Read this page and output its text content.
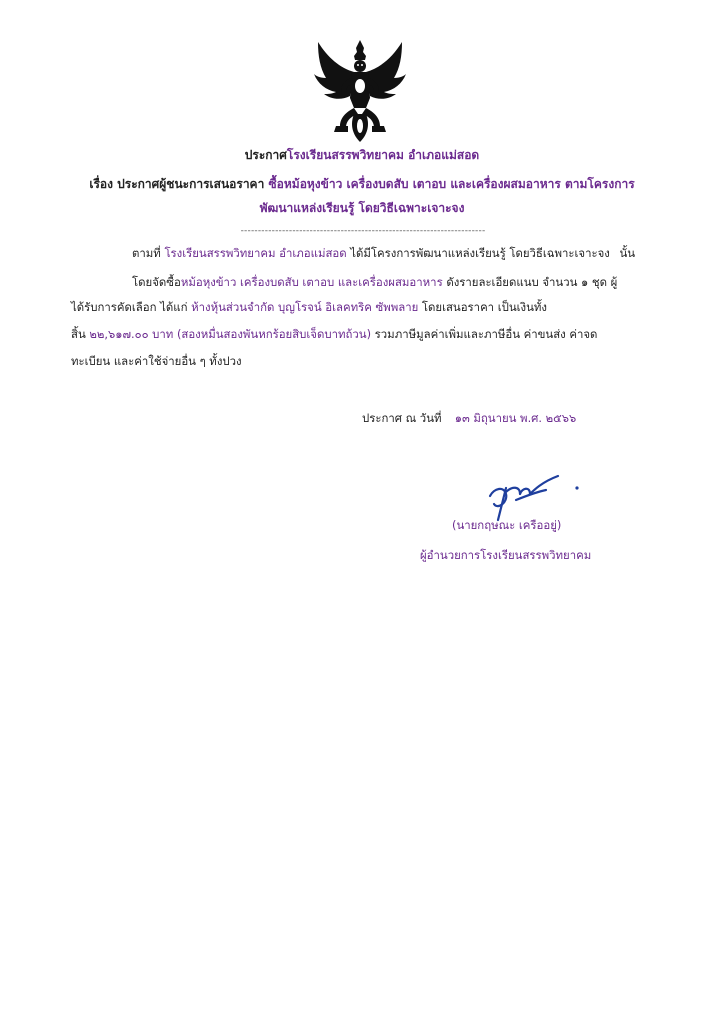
ประกาศโรงเรียนสรรพวิทยาคม อำเภอแม่สอด
เรื่อง ประกาศผู้ชนะการเสนอราคา ซื้อหม้อหุงข้าว เครื่องบดสับ เตาอบ และเครื่องผสมอาหาร ตามโครงการ
พัฒนาแหล่งเรียนรู้ โดยวิธีเฉพาะเจาะจง
-----------------------------------------------------------------------
ตามที่ โรงเรียนสรรพวิทยาคม อำเภอแม่สอด ได้มีโครงการพัฒนาแหล่งเรียนรู้ โดยวิธีเฉพาะเจาะจง นั้น
โดยจัดซื้อหม้อหุงข้าว เครื่องบดสับ เตาอบ และเครื่องผสมอาหาร ดังรายละเอียดแนบ จำนวน ๑ ชุด ผู้
ได้รับการคัดเลือก ได้แก่ ห้างหุ้นส่วนจำกัด บุญโรจน์ อิเลคทริค ซัพพลาย โดยเสนอราคา เป็นเงินทั้ง
สิ้น ๒๒,๖๑๗.๐๐ บาท (สองหมื่นสองพันหกร้อยสิบเจ็ดบาทถ้วน) รวมภาษีมูลค่าเพิ่มและภาษีอื่น ค่าขนส่ง ค่าจด
ทะเบียน และค่าใช้จ่ายอื่น ๆ ทั้งปวง
ประกาศ ณ วันที่ ๑๓ มิถุนายน พ.ศ. ๒๕๖๖
(นายกฤษณะ เครืออยู่)
ผู้อำนวยการโรงเรียนสรรพวิทยาคม
